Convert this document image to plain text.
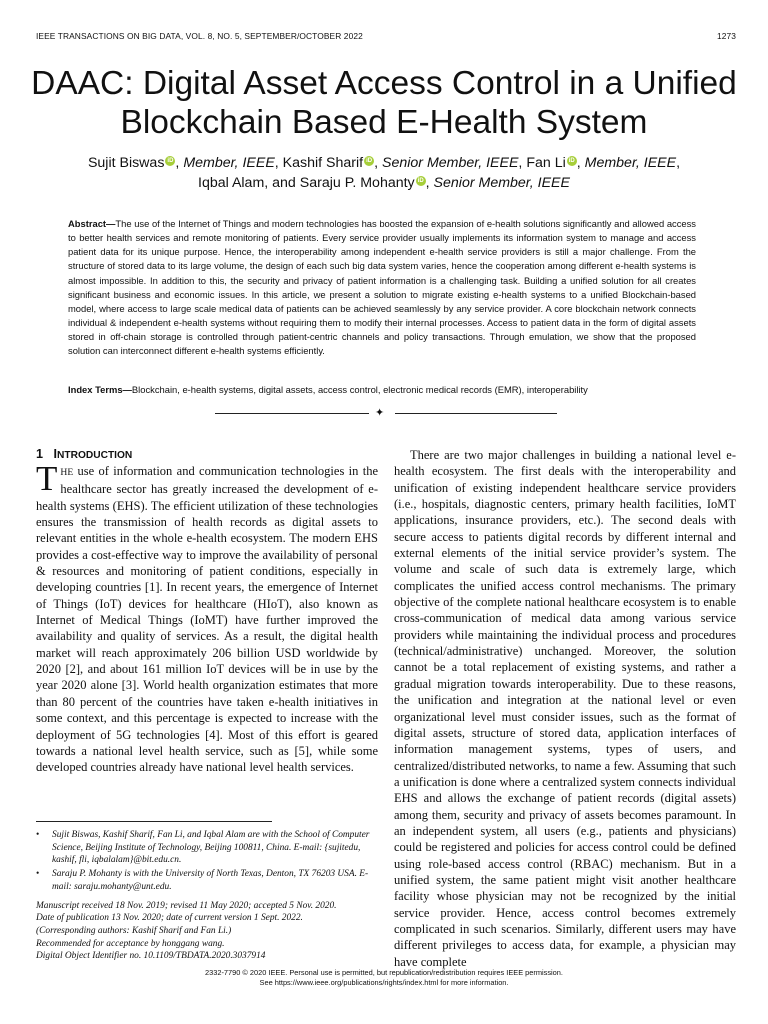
IEEE TRANSACTIONS ON BIG DATA, VOL. 8, NO. 5, SEPTEMBER/OCTOBER 2022	1273
DAAC: Digital Asset Access Control in a Unified
Blockchain Based E-Health System
Sujit Biswas iD , Member, IEEE, Kashif Sharif iD , Senior Member, IEEE, Fan Li iD , Member, IEEE,
Iqbal Alam, and Saraju P. Mohanty iD , Senior Member, IEEE
Abstract—The use of the Internet of Things and modern technologies has boosted the expansion of e-health solutions significantly and allowed access to better health services and remote monitoring of patients. Every service provider usually implements its information system to manage and access patient data for its unique purpose. Hence, the interoperability among independent e-health service providers is still a major challenge. From the structure of stored data to its large volume, the design of each such big data system varies, hence the cooperation among different e-health systems is almost impossible. In addition to this, the security and privacy of patient information is a challenging task. Building a unified solution for all creates significant business and economic issues. In this article, we present a solution to migrate existing e-health systems to a unified Blockchain-based model, where access to large scale medical data of patients can be achieved seamlessly by any service provider. A core blockchain network connects individual & independent e-health systems without requiring them to modify their internal processes. Access to patient data in the form of digital assets stored in off-chain storage is controlled through patient-centric channels and policy transactions. Through emulation, we show that the proposed solution can interconnect different e-health systems efficiently.
Index Terms—Blockchain, e-health systems, digital assets, access control, electronic medical records (EMR), interoperability
✦
1 INTRODUCTION
THE use of information and communication technologies in the healthcare sector has greatly increased the development of e-health systems (EHS). The efficient utilization of these technologies ensures the transmission of health records as digital assets to relevant entities in the whole e-health ecosystem. The modern EHS provides a cost-effective way to improve the availability of personal & resources and monitoring of patient conditions, especially in developing countries [1]. In recent years, the emergence of Internet of Things (IoT) devices for healthcare (HIoT), also known as Internet of Medical Things (IoMT) have further improved the availability and quality of services. As a result, the digital health market will reach approximately 206 billion USD worldwide by 2020 [2], and about 161 million IoT devices will be in use by the year 2020 alone [3]. World health organization estimates that more than 80 percent of the countries have taken e-health initiatives in some context, and this percentage is expected to increase with the deployment of 5G technologies [4]. Most of this effort is geared towards a national level health service, such as [5], while some developed countries already have national level health services.
• Sujit Biswas, Kashif Sharif, Fan Li, and Iqbal Alam are with the School of Computer Science, Beijing Institute of Technology, Beijing 100811, China. E-mail: {sujitedu, kashif, fli, iqbalalam}@bit.edu.cn.
• Saraju P. Mohanty is with the University of North Texas, Denton, TX 76203 USA. E-mail: saraju.mohanty@unt.edu.
Manuscript received 18 Nov. 2019; revised 11 May 2020; accepted 5 Nov. 2020.
Date of publication 13 Nov. 2020; date of current version 1 Sept. 2022.
(Corresponding authors: Kashif Sharif and Fan Li.)
Recommended for acceptance by honggang wang.
Digital Object Identifier no. 10.1109/TBDATA.2020.3037914

There are two major challenges in building a national level e-health ecosystem. The first deals with the interoperability and unification of existing independent healthcare service providers (i.e., hospitals, diagnostic centers, primary health facilities, IoMT applications, insurance providers, etc.). The second deals with secure access to patients digital records by different internal and external elements of the initial service provider’s system. The volume and scale of such data is extremely large, which complicates the unified access control mechanisms. The primary objective of the complete national healthcare ecosystem is to enable cross-communication of medical data among various service providers while maintaining the individual process and procedures (technical/administrative) unchanged. Moreover, the solution cannot be a total replacement of existing systems, and rather a gradual migration towards interoperability. Due to these reasons, the unification and integration at the national level or even organizational level must consider issues, such as the format of digital assets, structure of stored data, application interfaces of information management systems, types of users, and centralized/distributed networks, to name a few. Assuming that such a unification is done where a centralized system connects individual EHS and allows the exchange of patient records (digital assets) among them, security and privacy of assets becomes paramount. In an independent system, all users (e.g., patients and physicians) could be registered and policies for access control could be defined using role-based access control (RBAC) mechanism. But in a unified system, the same patient might visit another healthcare facility whose physician may not be recognized by the initial service provider. Hence, access control becomes extremely complicated in such scenarios. Similarly, different users may have different privileges to access data, for example, a physician may have complete

2332-7790 © 2020 IEEE. Personal use is permitted, but republication/redistribution requires IEEE permission.
See https://www.ieee.org/publications/rights/index.html for more information.
